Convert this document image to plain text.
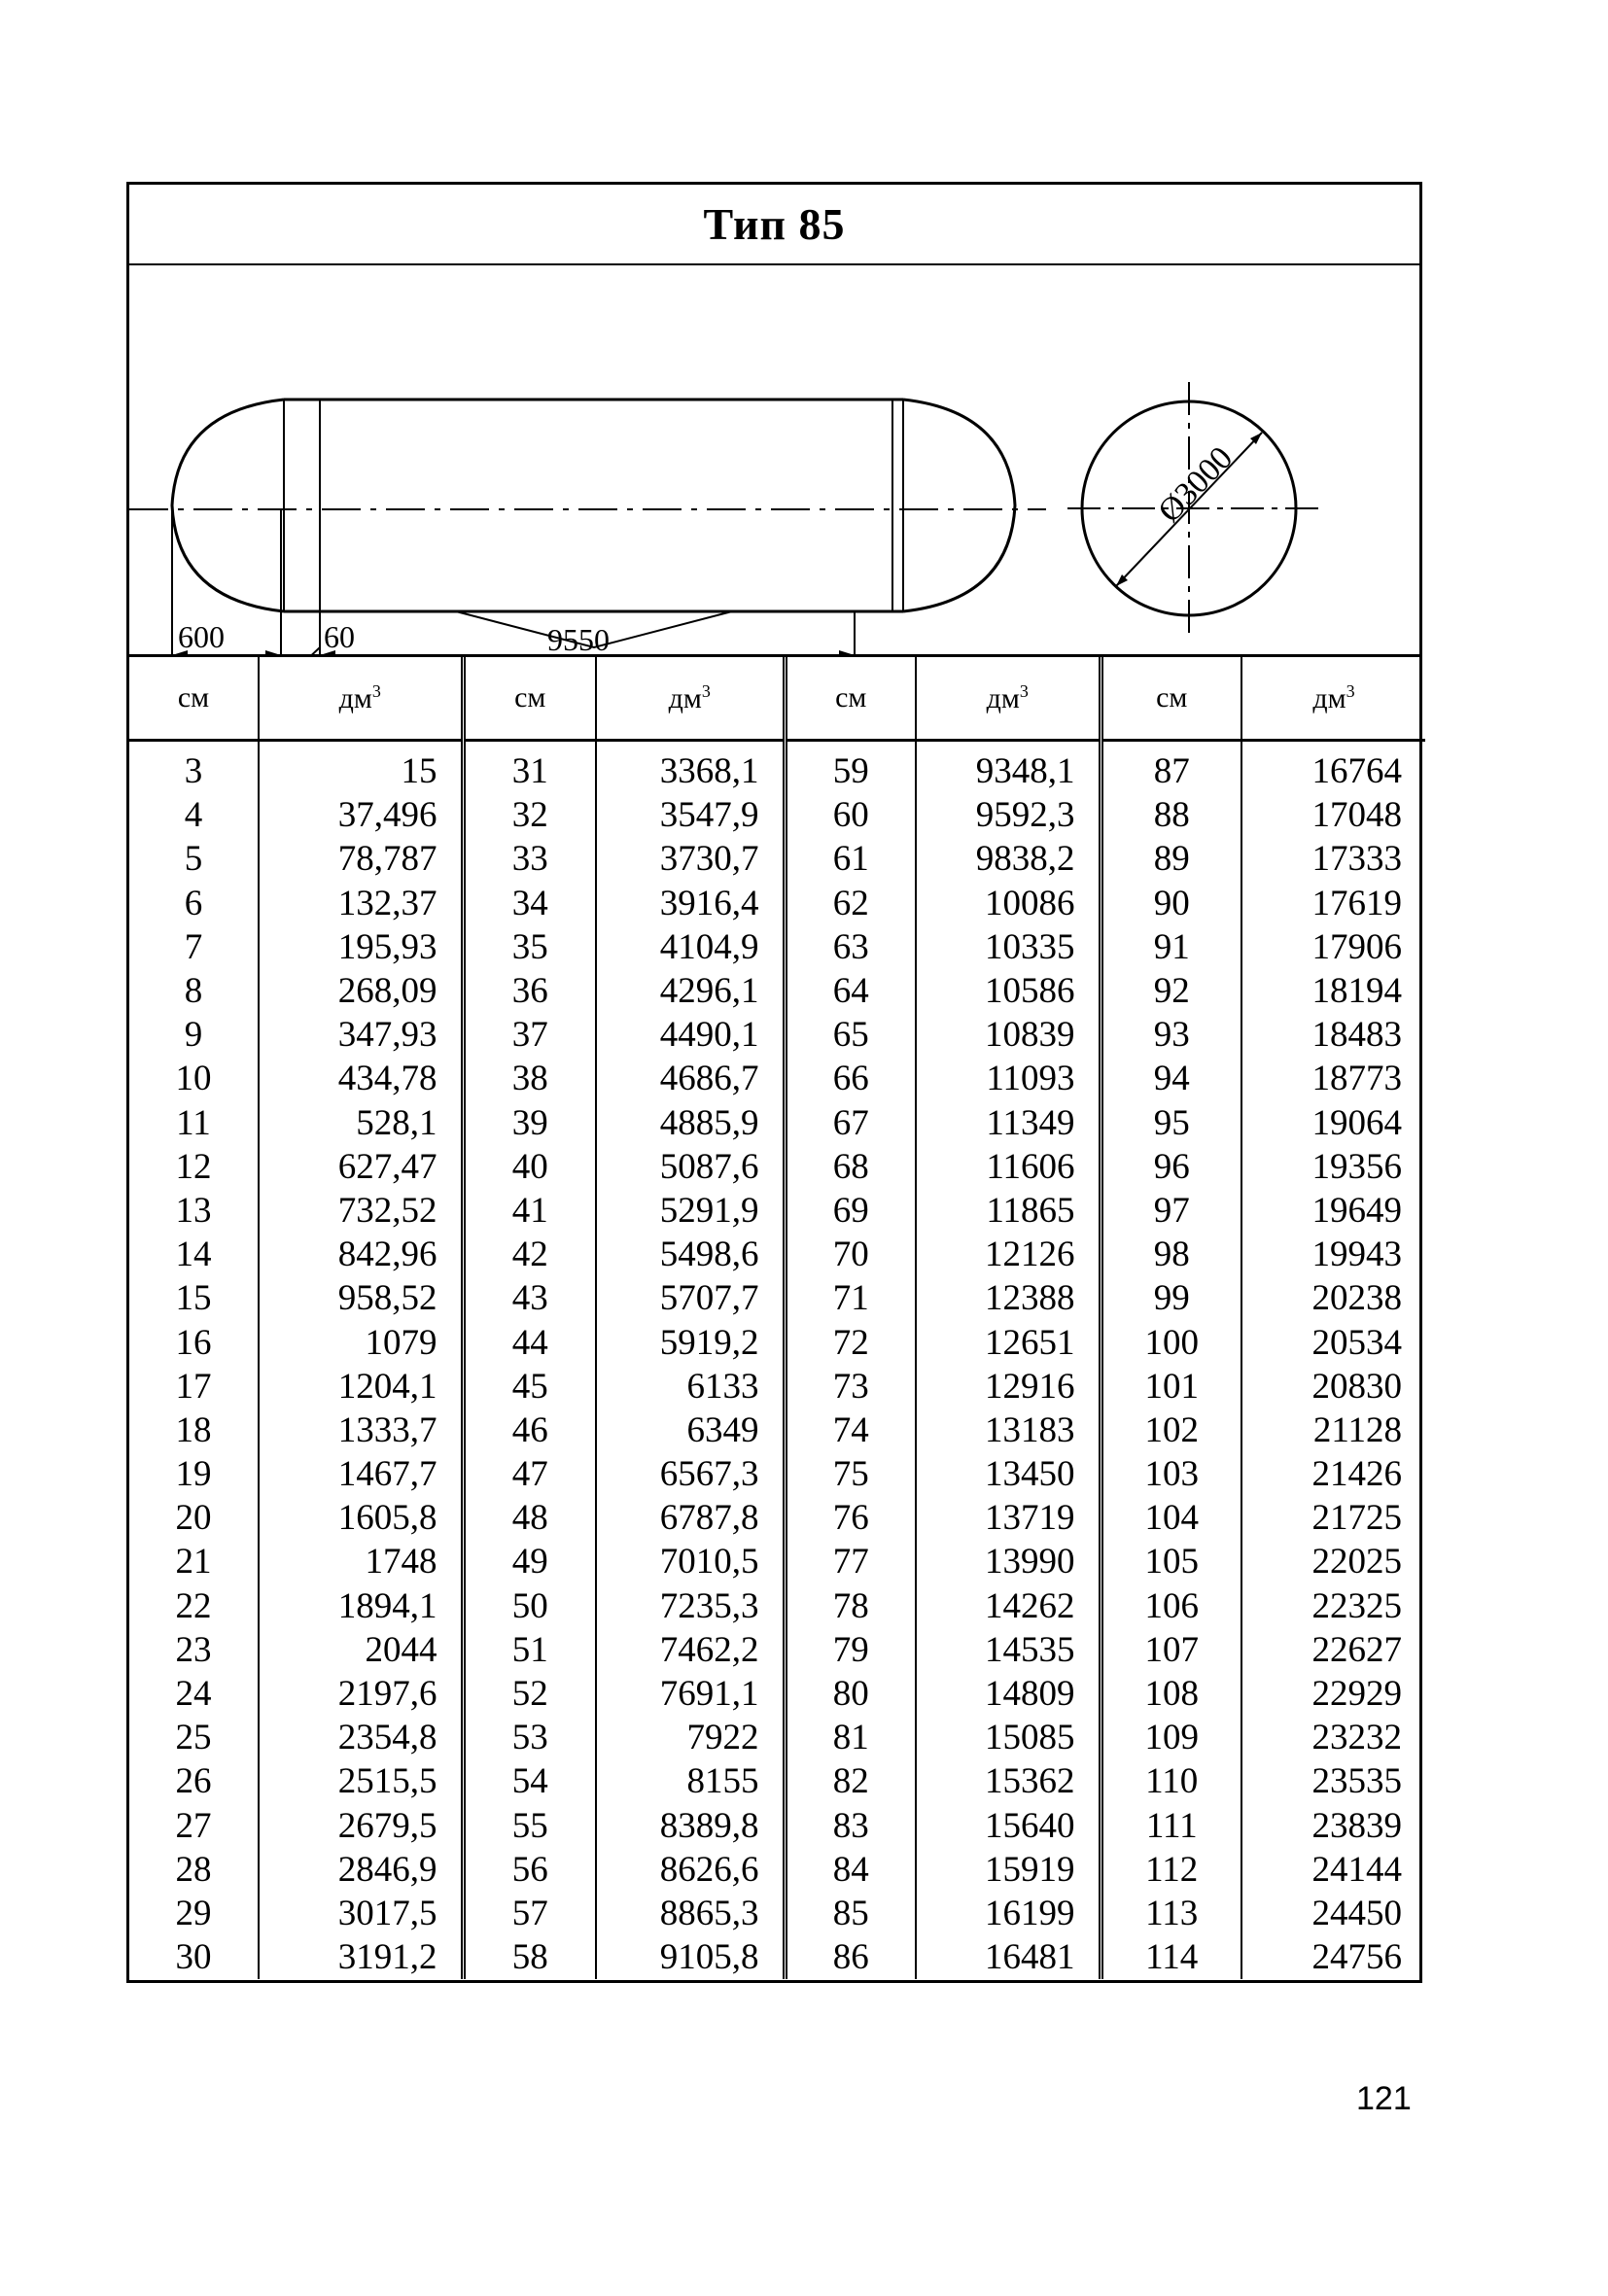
Тип 85
600	60	9550
Ø3000
см	$дм^3$	см	$дм^3$	см	$дм^3$	см	$дм^3$
3	15	31	3368,1	59	9348,1	87	16764
4	37,496	32	3547,9	60	9592,3	88	17048
5	78,787	33	3730,7	61	9838,2	89	17333
6	132,37	34	3916,4	62	10086	90	17619
7	195,93	35	4104,9	63	10335	91	17906
8	268,09	36	4296,1	64	10586	92	18194
9	347,93	37	4490,1	65	10839	93	18483
10	434,78	38	4686,7	66	11093	94	18773
11	528,1	39	4885,9	67	11349	95	19064
12	627,47	40	5087,6	68	11606	96	19356
13	732,52	41	5291,9	69	11865	97	19649
14	842,96	42	5498,6	70	12126	98	19943
15	958,52	43	5707,7	71	12388	99	20238
16	1079	44	5919,2	72	12651	100	20534
17	1204,1	45	6133	73	12916	101	20830
18	1333,7	46	6349	74	13183	102	21128
19	1467,7	47	6567,3	75	13450	103	21426
20	1605,8	48	6787,8	76	13719	104	21725
21	1748	49	7010,5	77	13990	105	22025
22	1894,1	50	7235,3	78	14262	106	22325
23	2044	51	7462,2	79	14535	107	22627
24	2197,6	52	7691,1	80	14809	108	22929
25	2354,8	53	7922	81	15085	109	23232
26	2515,5	54	8155	82	15362	110	23535
27	2679,5	55	8389,8	83	15640	111	23839
28	2846,9	56	8626,6	84	15919	112	24144
29	3017,5	57	8865,3	85	16199	113	24450
30	3191,2	58	9105,8	86	16481	114	24756
121
